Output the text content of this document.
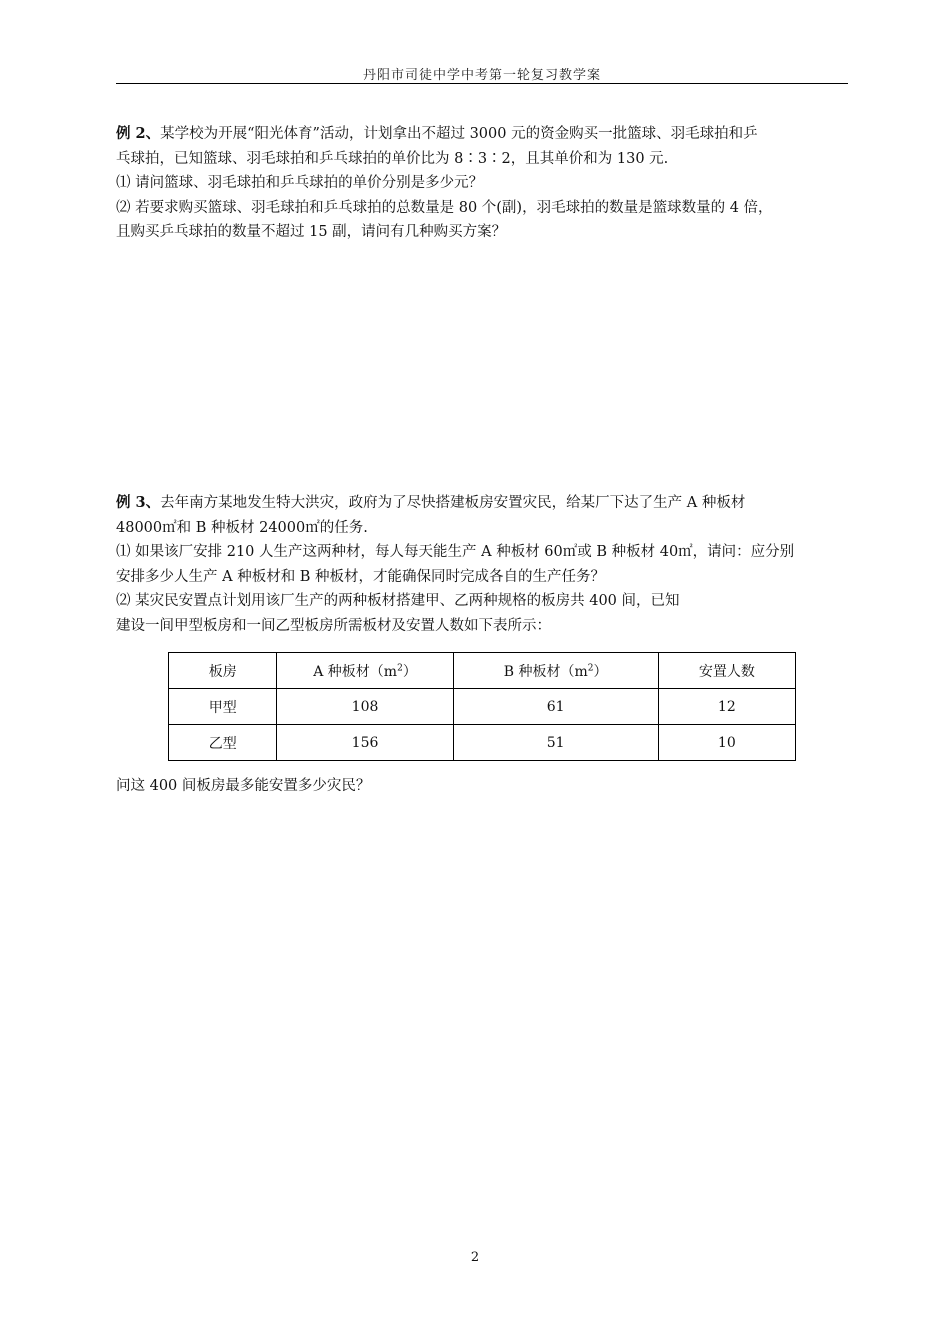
丹阳市司徒中学中考第一轮复习教学案

例 2、某学校为开展“阳光体育”活动，计划拿出不超过 3000 元的资金购买一批篮球、羽毛球拍和乒

乓球拍，已知篮球、羽毛球拍和乒乓球拍的单价比为 8∶3∶2，且其单价和为 130 元.

⑴ 请问篮球、羽毛球拍和乒乓球拍的单价分别是多少元？

⑵ 若要求购买篮球、羽毛球拍和乒乓球拍的总数量是 80 个(副)，羽毛球拍的数量是篮球数量的 4 倍，

且购买乒乓球拍的数量不超过 15 副，请问有几种购买方案？

例 3、去年南方某地发生特大洪灾，政府为了尽快搭建板房安置灾民，给某厂下达了生产 A 种板材

48000㎡和 B 种板材 24000㎡的任务.

⑴ 如果该厂安排 210 人生产这两种材，每人每天能生产 A 种板材 60㎡或 B 种板材 40㎡，请问：应分别

安排多少人生产 A 种板材和 B 种板材，才能确保同时完成各自的生产任务？

⑵ 某灾民安置点计划用该厂生产的两种板材搭建甲、乙两种规格的板房共 400 间，已知

建设一间甲型板房和一间乙型板房所需板材及安置人数如下表所示：

板房	A 种板材$(m^2)$	B 种板材$(m^2)$	安置人数
甲型	108	61	12
乙型	156	51	10
问这 400 间板房最多能安置多少灾民？
2
